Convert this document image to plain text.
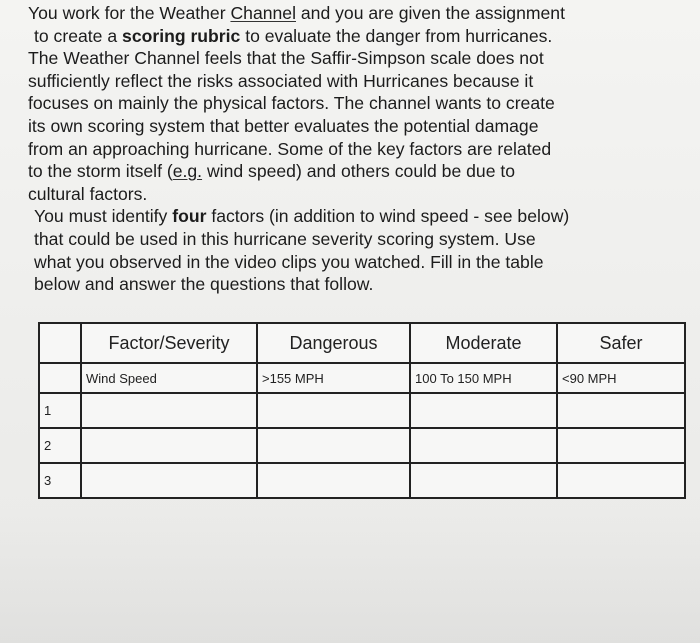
You work for the Weather Channel and you are given the assignment
to create a scoring rubric to evaluate the danger from hurricanes.
The Weather Channel feels that the Saffir-Simpson scale does not
sufficiently reflect the risks associated with Hurricanes because it
focuses on mainly the physical factors. The channel wants to create
its own scoring system that better evaluates the potential damage
from an approaching hurricane. Some of the key factors are related
to the storm itself (e.g. wind speed) and others could be due to
cultural factors.
You must identify four factors (in addition to wind speed - see below)
that could be used in this hurricane severity scoring system. Use
what you observed in the video clips you watched. Fill in the table
below and answer the questions that follow.
	Factor/Severity	Dangerous	Moderate	Safer
	Wind Speed	>155 MPH	100 To 150 MPH	<90 MPH
1				
2				
3				
